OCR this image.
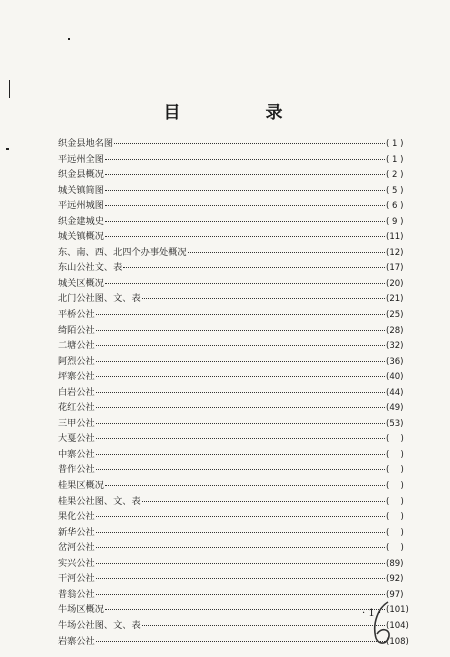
目　录
织金县地名图	( 1 )
平远州全图	( 1 )
织金县概况	( 2 )
城关镇简图	( 5 )
平远州城图	( 6 )
织金建城史	( 9 )
城关镇概况	(11)
东、南、西、北四个办事处概况	(12)
东山公社文、表	(17)
城关区概况	(20)
北门公社图、文、表	(21)
平桥公社	(25)
绮陌公社	(28)
二塘公社	(32)
阿烈公社	(36)
坪寨公社	(40)
白岩公社	(44)
花红公社	(49)
三甲公社	(53)
大戛公社	(　 )
中寨公社	(　 )
普作公社	(　 )
桂果区概况	(　 )
桂果公社图、文、表	(　 )
果化公社	(　 )
新华公社	(　 )
岔河公社	(　 )
实兴公社	(89)
干河公社	(92)
普翁公社	(97)
牛场区概况	(101)
牛场公社图、文、表	(104)
岩寨公社	(108)
· 1 ·
